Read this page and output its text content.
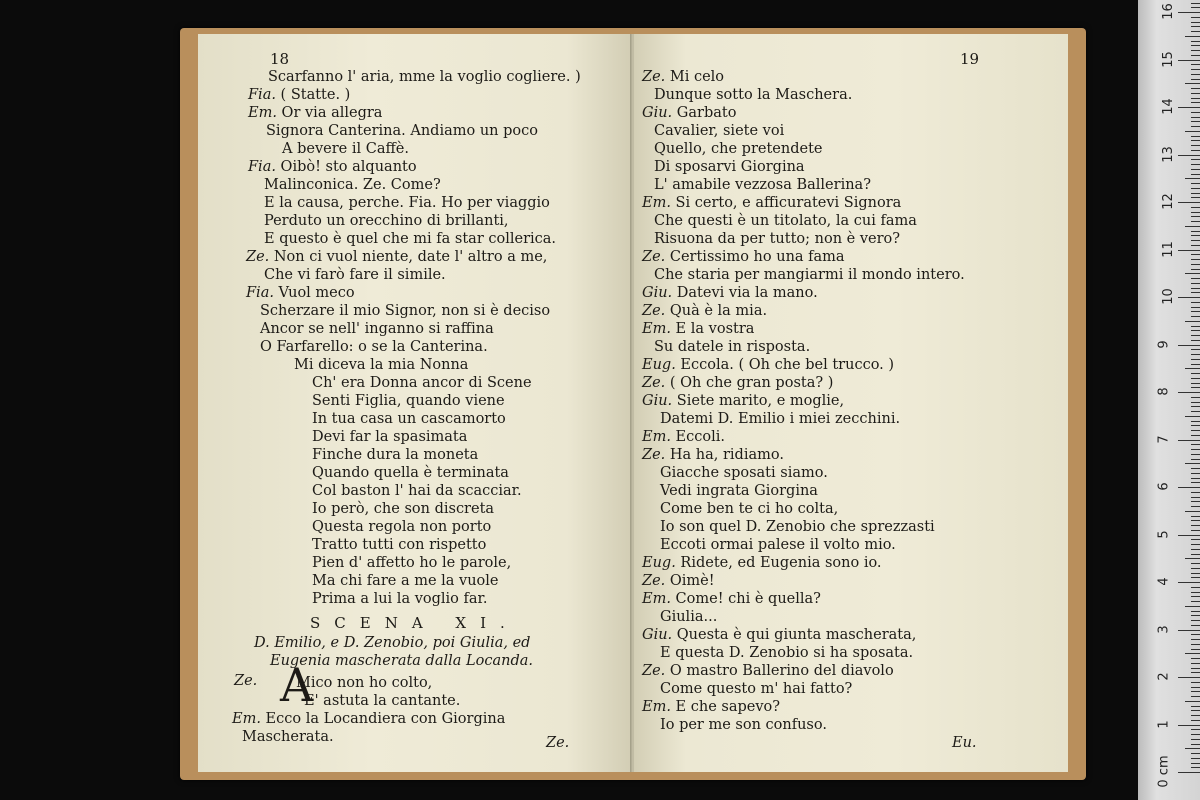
18
Scarfanno l' aria, mme la voglio cogliere. )
Fia. ( Statte. )
Em. Or via allegra
Signora Canterina. Andiamo un poco
A bevere il Caffè.
Fia. Oibò! sto alquanto
Malinconica. Ze. Come?
E la causa, perche. Fia. Ho per viaggio
Perduto un orecchino di brillanti,
E questo è quel che mi fa star collerica.
Ze. Non ci vuol niente, date l' altro a me,
Che vi farò fare il simile.
Fia. Vuol meco
Scherzare il mio Signor, non si è deciso
Ancor se nell' inganno si raffina
O Farfarello: o se la Canterina.
Mi diceva la mia Nonna
Ch' era Donna ancor di Scene
Senti Figlia, quando viene
In tua casa un cascamorto
Devi far la spasimata
Finche dura la moneta
Quando quella è terminata
Col baston l' hai da scacciar.
Io però, che son discreta
Questa regola non porto
Tratto tutti con rispetto
Pien d' affetto ho le parole,
Ma chi fare a me la vuole
Prima a lui la voglio far.
SCENA XI.
D. Emilio, e D. Zenobio, poi Giulia, ed
Eugenia mascherata dalla Locanda.
Ze. A
Mico non ho colto,
E' astuta la cantante.
Em. Ecco la Locandiera con Giorgina
Mascherata.	Ze.
19
Ze. Mi celo
Dunque sotto la Maschera.
Giu. Garbato
Cavalier, siete voi
Quello, che pretendete
Di sposarvi Giorgina
L' amabile vezzosa Ballerina?
Em. Si certo, e afficuratevi Signora
Che questi è un titolato, la cui fama
Risuona da per tutto; non è vero?
Ze. Certissimo ho una fama
Che staria per mangiarmi il mondo intero.
Giu. Datevi via la mano.
Ze. Quà è la mia.
Em. E la vostra
Su datele in risposta.
Eug. Eccola. ( Oh che bel trucco. )
Ze. ( Oh che gran posta? )
Giu. Siete marito, e moglie,
Datemi D. Emilio i miei zecchini.
Em. Eccoli.
Ze. Ha ha, ridiamo.
Giacche sposati siamo.
Vedi ingrata Giorgina
Come ben te ci ho colta,
Io son quel D. Zenobio che sprezzasti
Eccoti ormai palese il volto mio.
Eug. Ridete, ed Eugenia sono io.
Ze. Oimè!
Em. Come! chi è quella?
Giulia...
Giu. Questa è qui giunta mascherata,
E questa D. Zenobio si ha sposata.
Ze. O mastro Ballerino del diavolo
Come questo m' hai fatto?
Em. E che sapevo?
Io per me son confuso.
Eu.
0 cm
1
2
3
4
5
6
7
8
9
10
11
12
13
14
15
16
